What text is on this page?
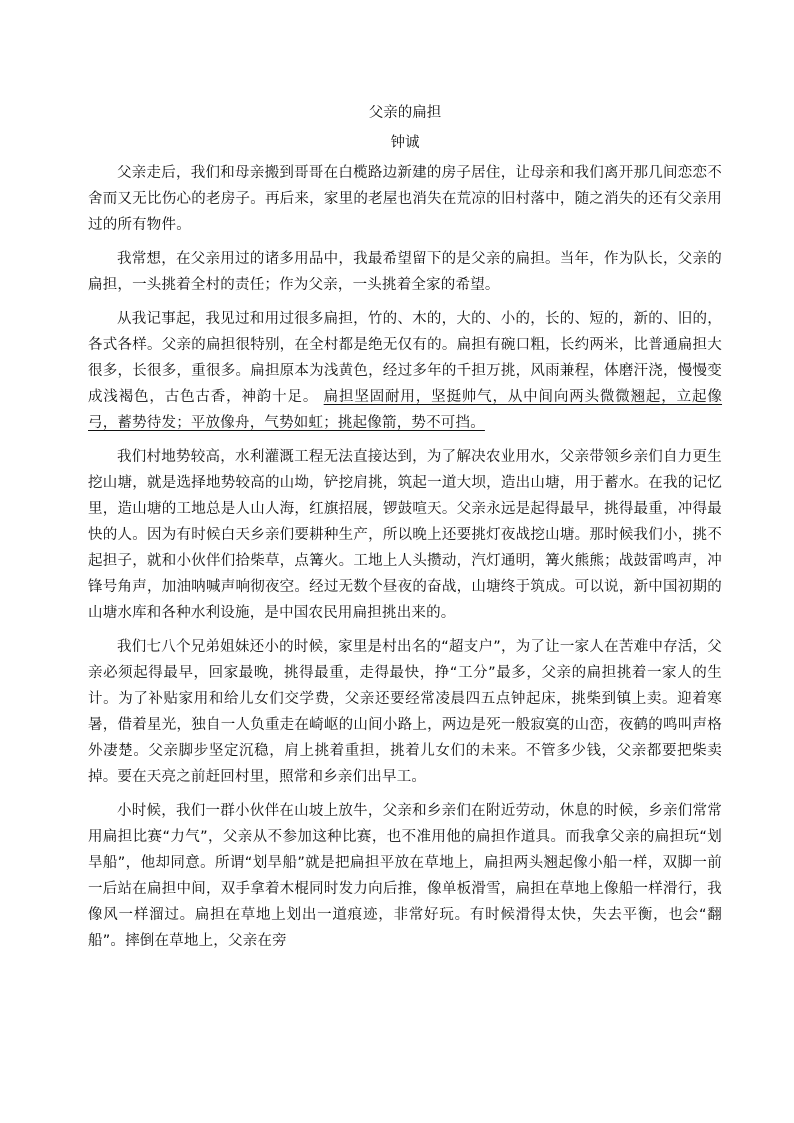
父亲的扁担
钟诚

父亲走后，我们和母亲搬到哥哥在白榄路边新建的房子居住，让母亲和我们离开那几间恋恋不舍而又无比伤心的老房子。再后来，家里的老屋也消失在荒凉的旧村落中，随之消失的还有父亲用过的所有物件。

我常想，在父亲用过的诸多用品中，我最希望留下的是父亲的扁担。当年，作为队长，父亲的扁担，一头挑着全村的责任；作为父亲，一头挑着全家的希望。

从我记事起，我见过和用过很多扁担，竹的、木的，大的、小的，长的、短的，新的、旧的，各式各样。父亲的扁担很特别，在全村都是绝无仅有的。扁担有碗口粗，长约两米，比普通扁担大很多，长很多，重很多。扁担原本为浅黄色，经过多年的千担万挑，风雨兼程，体磨汗浇，慢慢变成浅褐色，古色古香，神韵十足。 扁担坚固耐用，坚挺帅气，从中间向两头微微翘起，立起像弓，蓄势待发；平放像舟，气势如虹；挑起像箭，势不可挡。

我们村地势较高，水利灌溉工程无法直接达到，为了解决农业用水，父亲带领乡亲们自力更生挖山塘，就是选择地势较高的山坳，铲挖肩挑，筑起一道大坝，造出山塘，用于蓄水。在我的记忆里，造山塘的工地总是人山人海，红旗招展，锣鼓喧天。父亲永远是起得最早，挑得最重，冲得最快的人。因为有时候白天乡亲们要耕种生产，所以晚上还要挑灯夜战挖山塘。那时候我们小，挑不起担子，就和小伙伴们拾柴草，点篝火。工地上人头攒动，汽灯通明，篝火熊熊；战鼓雷鸣声，冲锋号角声，加油呐喊声响彻夜空。经过无数个昼夜的奋战，山塘终于筑成。可以说，新中国初期的山塘水库和各种水利设施，是中国农民用扁担挑出来的。

我们七八个兄弟姐妹还小的时候，家里是村出名的“超支户”，为了让一家人在苦难中存活，父亲必须起得最早，回家最晚，挑得最重，走得最快，挣“工分”最多，父亲的扁担挑着一家人的生计。为了补贴家用和给儿女们交学费，父亲还要经常凌晨四五点钟起床，挑柴到镇上卖。迎着寒暑，借着星光，独自一人负重走在崎岖的山间小路上，两边是死一般寂寞的山峦，夜鹤的鸣叫声格外凄楚。父亲脚步坚定沉稳，肩上挑着重担，挑着儿女们的未来。不管多少钱，父亲都要把柴卖掉。要在天亮之前赶回村里，照常和乡亲们出早工。

小时候，我们一群小伙伴在山坡上放牛，父亲和乡亲们在附近劳动，休息的时候，乡亲们常常用扁担比赛“力气”，父亲从不参加这种比赛，也不准用他的扁担作道具。而我拿父亲的扁担玩“划旱船”，他却同意。所谓“划旱船”就是把扁担平放在草地上，扁担两头翘起像小船一样，双脚一前一后站在扁担中间，双手拿着木棍同时发力向后推，像单板滑雪，扁担在草地上像船一样滑行，我像风一样溜过。扁担在草地上划出一道痕迹，非常好玩。有时候滑得太快，失去平衡，也会“翻船”。摔倒在草地上，父亲在旁
